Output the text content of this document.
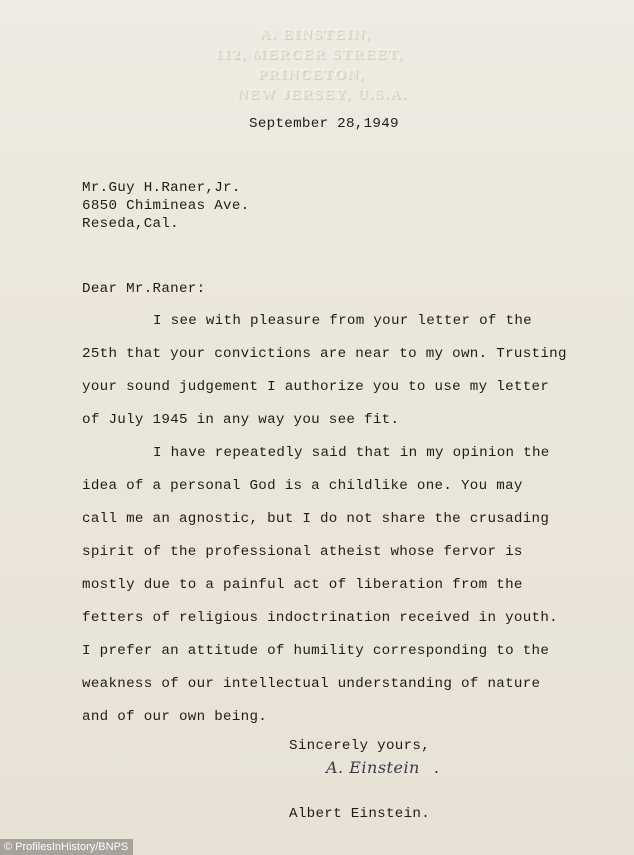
A. EINSTEIN,
112, MERCER STREET,
PRINCETON,
NEW JERSEY, U.S.A.
September 28,1949
Mr.Guy H.Raner,Jr.
6850 Chimineas Ave.
Reseda,Cal.
Dear Mr.Raner:
I see with pleasure from your letter of the
25th that your convictions are near to my own. Trusting
your sound judgement I authorize you to use my letter
of July 1945 in any way you see fit.
I have repeatedly said that in my opinion the
idea of a personal God is a childlike one. You may
call me an agnostic, but I do not share the crusading
spirit of the professional atheist whose fervor is
mostly due to a painful act of liberation from the
fetters of religious indoctrination received in youth.
I prefer an attitude of humility corresponding to the
weakness of our intellectual understanding of nature
and of our own being.
Sincerely yours,
A. Einstein .
Albert Einstein.
© ProfilesInHistory/BNPS
